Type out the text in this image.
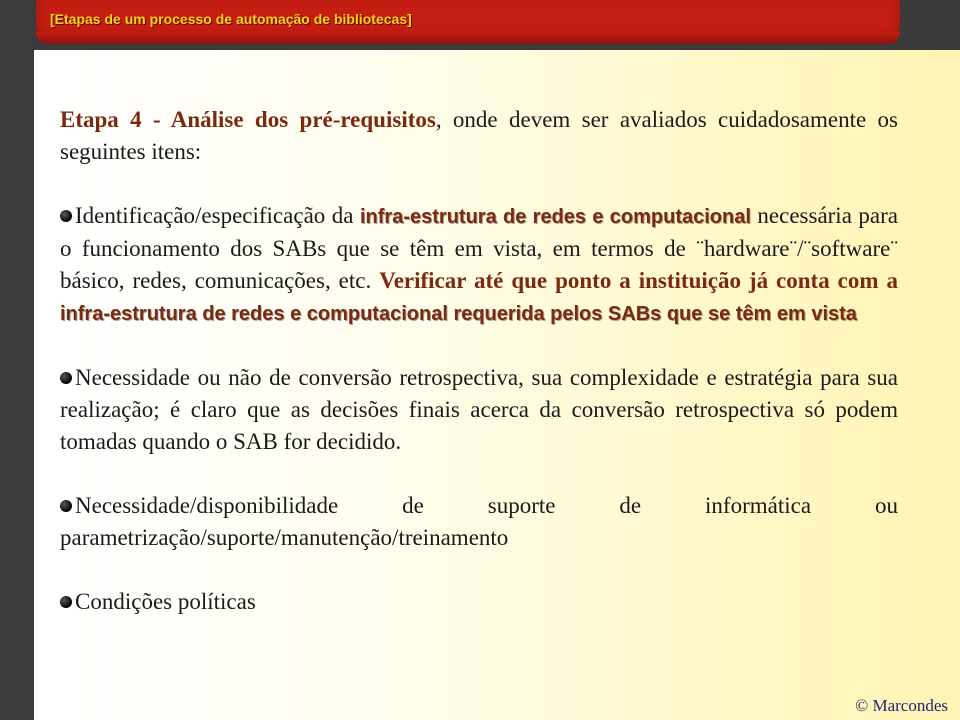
[Etapas de um processo de automação de bibliotecas]

Etapa 4 - Análise dos pré-requisitos, onde devem ser avaliados cuidadosamente os seguintes itens:

Identificação/especificação da infra-estrutura de redes e computacional necessária para o funcionamento dos SABs que se têm em vista, em termos de ¨hardware¨/¨software¨ básico, redes, comunicações, etc. Verificar até que ponto a instituição já conta com a infra-estrutura de redes e computacional requerida pelos SABs que se têm em vista

Necessidade ou não de conversão retrospectiva, sua complexidade e estratégia para sua realização; é claro que as decisões finais acerca da conversão retrospectiva só podem tomadas quando o SAB for decidido.

Necessidade/disponibilidade de suporte de informática ou parametrização/suporte/manutenção/treinamento

Condições políticas

© Marcondes
